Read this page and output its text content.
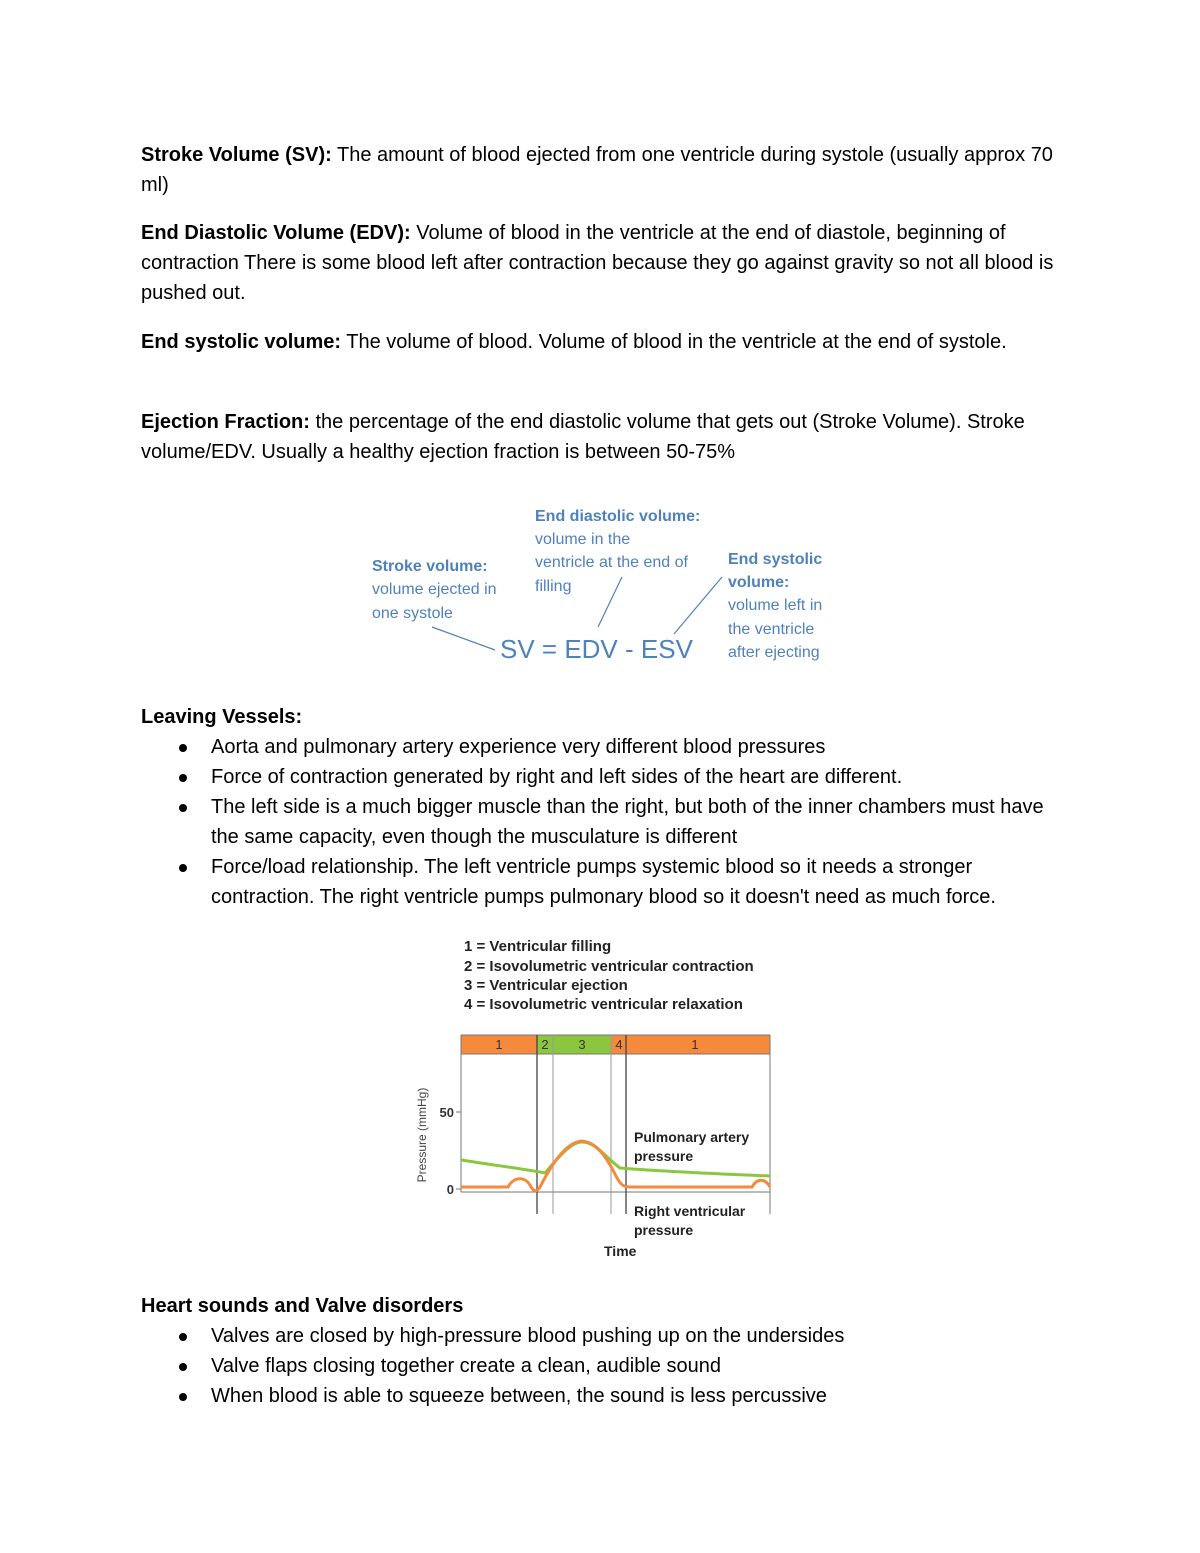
Stroke Volume (SV): The amount of blood ejected from one ventricle during systole (usually approx 70 ml)

End Diastolic Volume (EDV): Volume of blood in the ventricle at the end of diastole, beginning of contraction There is some blood left after contraction because they go against gravity so not all blood is pushed out.

End systolic volume: The volume of blood. Volume of blood in the ventricle at the end of systole.

Ejection Fraction: the percentage of the end diastolic volume that gets out (Stroke Volume). Stroke volume/EDV. Usually a healthy ejection fraction is between 50-75%

End diastolic volume:
volume in the
ventricle at the end of
filling
Stroke volume:
volume ejected in
one systole
End systolic
volume:
volume left in
the ventricle
after ejecting
SV = EDV - ESV

Leaving Vessels:

Aorta and pulmonary artery experience very different blood pressures
Force of contraction generated by right and left sides of the heart are different.
The left side is a much bigger muscle than the right, but both of the inner chambers must have the same capacity, even though the musculature is different
Force/load relationship. The left ventricle pumps systemic blood so it needs a stronger contraction. The right ventricle pumps pulmonary blood so it doesn't need as much force.
1 = Ventricular filling
2 = Isovolumetric ventricular contraction
3 = Ventricular ejection
4 = Isovolumetric ventricular relaxation
1	2 3 4	1
50
0
Pressure (mmHg)	Pulmonary artery
pressure
Right ventricular
pressure
Time

Heart sounds and Valve disorders

Valves are closed by high-pressure blood pushing up on the undersides
Valve flaps closing together create a clean, audible sound
When blood is able to squeeze between, the sound is less percussive
